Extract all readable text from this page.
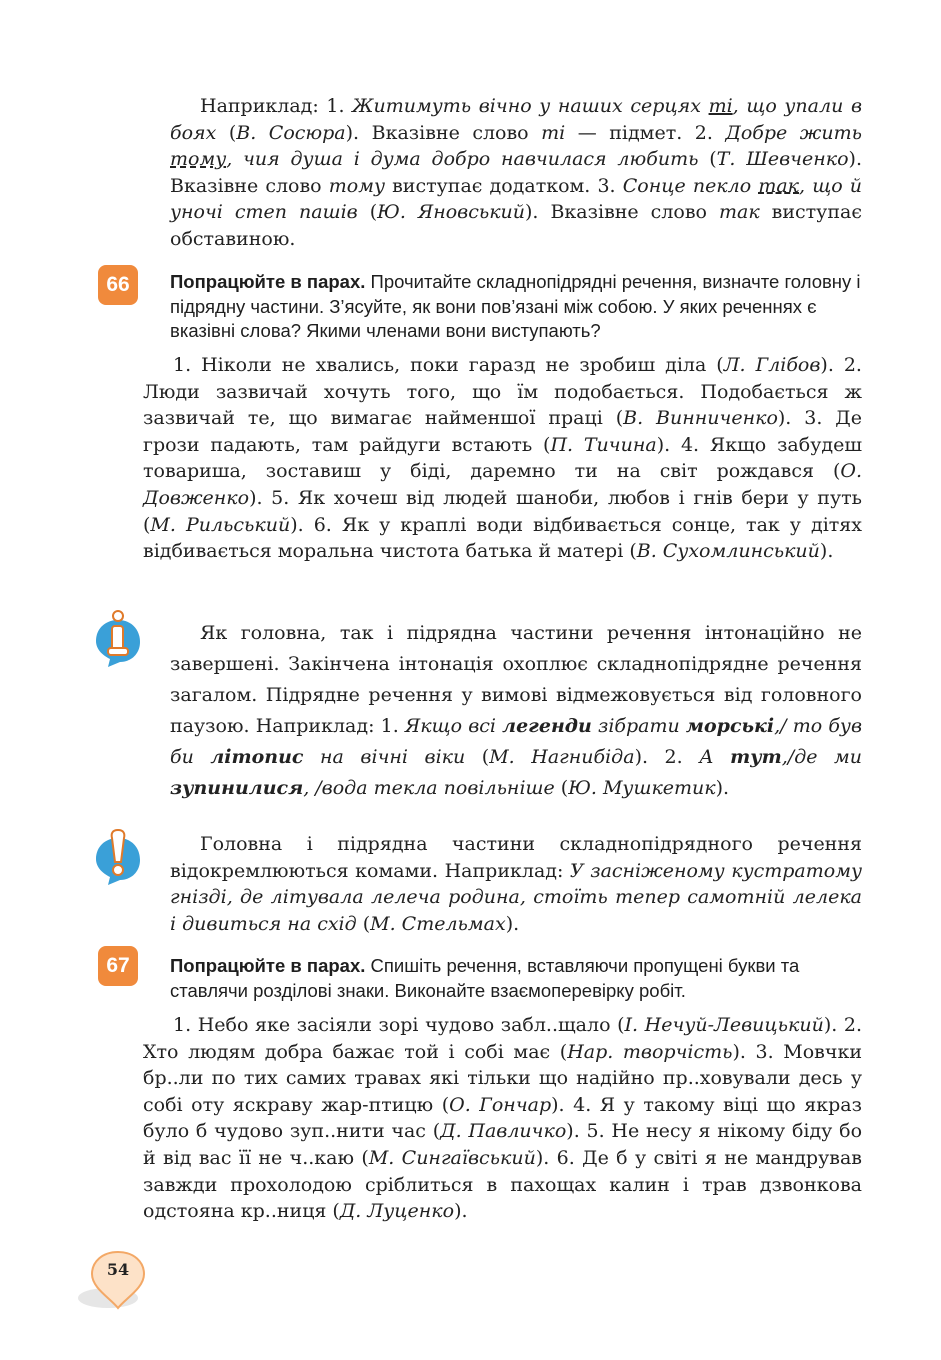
Наприклад: 1. Житимуть вічно у наших серцях ті, що упали в боях (В. Сосюра). Вказівне слово ті — підмет. 2. Добре жить тому, чия душа і дума добро навчилася любить (Т. Шевченко). Вказівне слово тому виступає додатком. 3. Сонце пекло так, що й уночі степ пашів (Ю. Яновський). Вказівне слово так виступає обставиною.
66	Попрацюйте в парах. Прочитайте складнопідрядні речення, визначте головну і підрядну частини. З’ясуйте, як вони пов’язані між собою. У яких реченнях є вказівні слова? Якими членами вони виступають?
1. Ніколи не хвались, поки гаразд не зробиш діла (Л. Глібов). 2. Люди зазвичай хочуть того, що їм подобається. Подобається ж зазвичай те, що вимагає найменшої праці (В. Винниченко). 3. Де грози падають, там райдуги встають (П. Тичина). 4. Якщо забудеш товариша, зоставиш у біді, даремно ти на світ рождався (О. Довженко). 5. Як хочеш від людей шаноби, любов і гнів бери у путь (М. Рильський). 6. Як у краплі води відбивається сонце, так у дітях відбивається моральна чистота батька й матері (В. Сухомлинський).
Як головна, так і підрядна частини речення інтонаційно не завершені. Закінчена інтонація охоплює складнопідрядне речення загалом. Підрядне речення у вимові відмежовується від головного паузою. Наприклад: 1. Якщо всі легенди зібрати морські,/ то був би літопис на вічні віки (М. Нагнибіда). 2. А тут,/де ми зупинилися, /вода текла повільніше (Ю. Мушкетик).
Головна і підрядна частини складнопідрядного речення відокремлюються комами. Наприклад: У засніженому кустратому гнізді, де літувала лелеча родина, стоїть тепер самотній лелека і дивиться на схід (М. Стельмах).
67	Попрацюйте в парах. Спишіть речення, вставляючи пропущені букви та ставлячи розділові знаки. Виконайте взаємоперевірку робіт.
1. Небо яке засіяли зорі чудово забл..щало (І. Нечуй-Левицький). 2. Хто людям добра бажає той і собі має (Нар. творчість). 3. Мовчки бр..ли по тих самих травах які тільки що надійно пр..ховували десь у собі оту яскраву жар-птицю (О. Гончар). 4. Я у такому віці що якраз було б чудово зуп..нити час (Д. Павличко). 5. Не несу я нікому біду бо й від вас її не ч..каю (М. Сингаївський). 6. Де б у світі я не мандрував завжди прохолодою сріблиться в пахощах калин і трав дзвонкова одстояна кр..ниця (Д. Луценко).
54
